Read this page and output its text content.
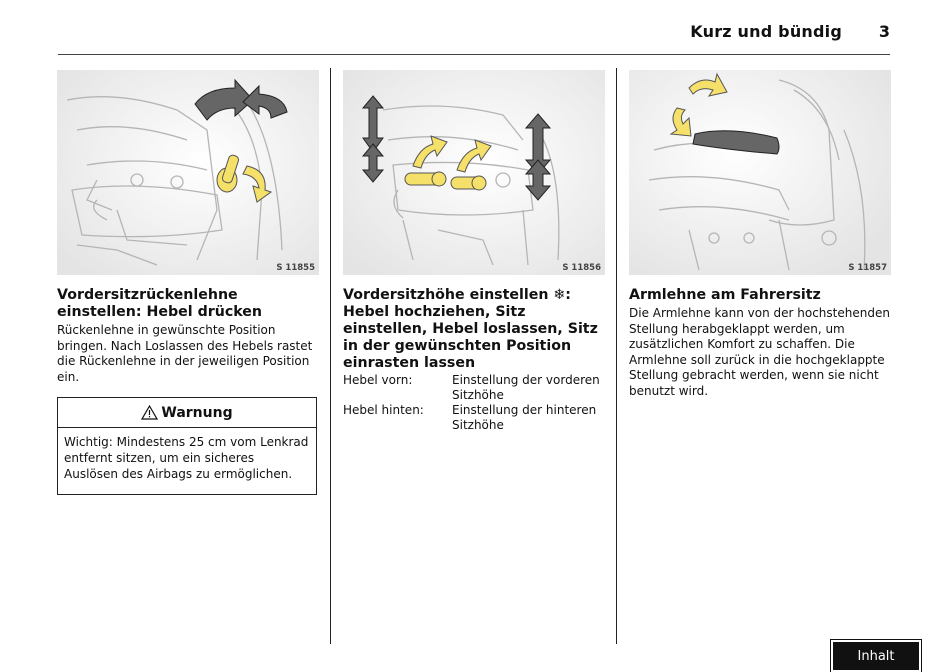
Kurz und bündig 3
S 11855	S 11856	S 11857
Vordersitzrückenlehne einstellen: Hebel drücken

Rückenlehne in gewünschte Position bringen. Nach Loslassen des Hebels rastet die Rückenlehne in der jeweiligen Position ein.

Warnung
Wichtig: Mindestens 25 cm vom Lenkrad entfernt sitzen, um ein sicheres Auslösen des Airbags zu ermöglichen.
Vordersitzhöhe einstellen ❄: Hebel hochziehen, Sitz einstellen, Hebel loslassen, Sitz in der gewünschten Position einrasten lassen
Hebel vorn:	Einstellung der vorderen Sitzhöhe
Hebel hinten:	Einstellung der hinteren Sitzhöhe
Armlehne am Fahrersitz

Die Armlehne kann von der hochstehenden Stellung herabgeklappt werden, um zusätzlichen Komfort zu schaffen. Die Armlehne soll zurück in die hochgeklappte Stellung gebracht werden, wenn sie nicht benutzt wird.

Inhalt
